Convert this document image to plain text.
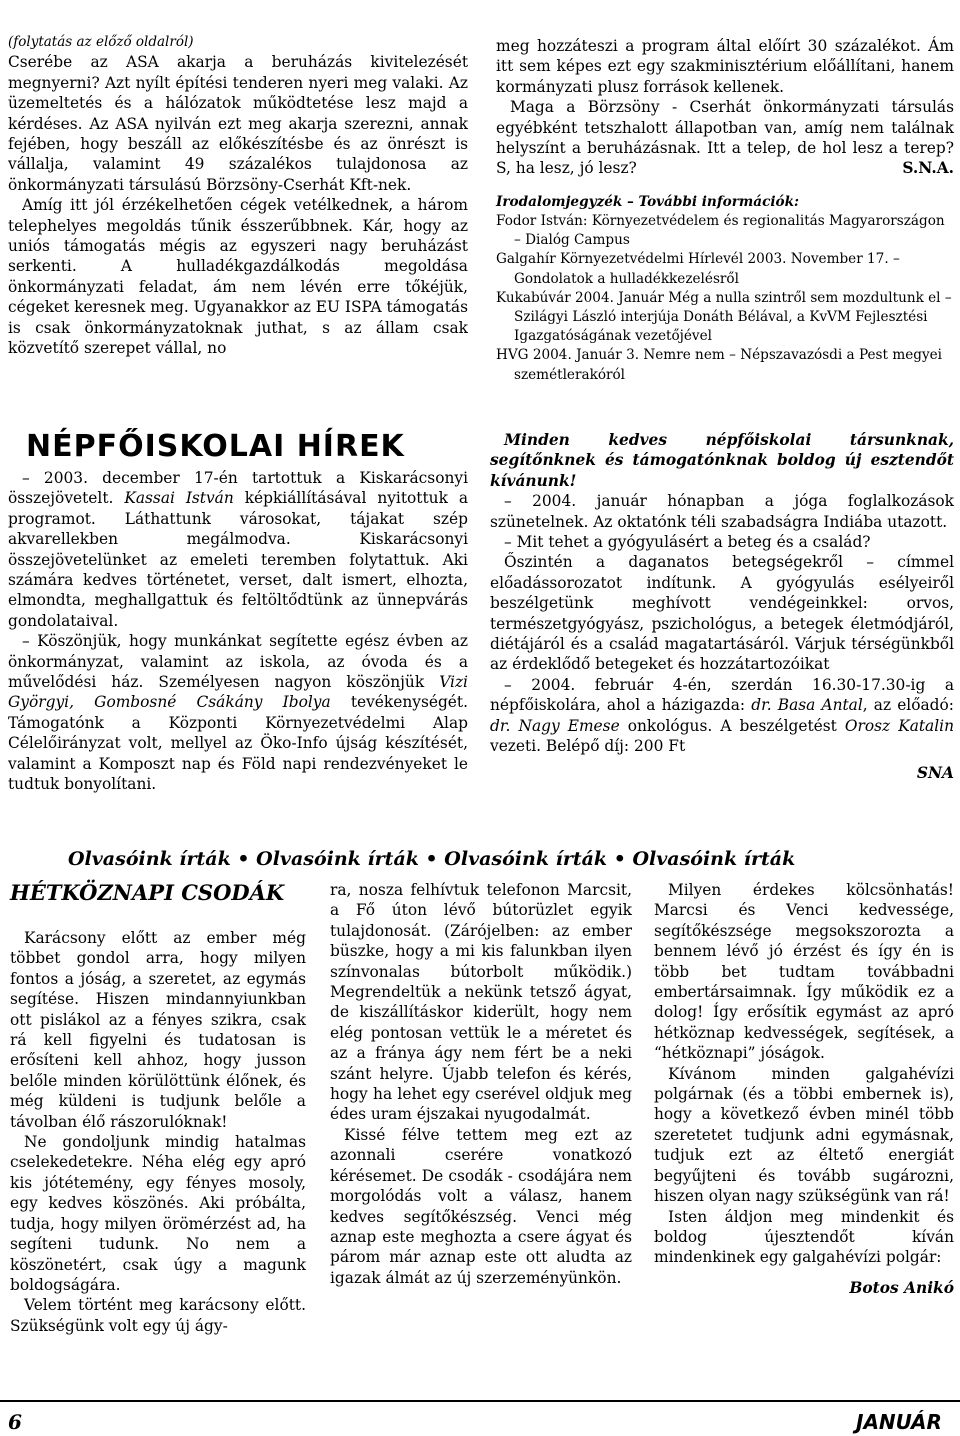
(folytatás az előző oldalról)

Cserébe az ASA akarja a beruházás kivitelezését megnyerni? Azt nyílt építési tenderen nyeri meg valaki. Az üzemeltetés és a hálózatok működtetése lesz majd a kérdéses. Az ASA nyilván ezt meg akarja szerezni, annak fejében, hogy beszáll az előkészítésbe és az önrészt is vállalja, valamint 49 százalékos tulajdonosa az önkormányzati társulású Börzsöny-Cserhát Kft-nek.

Amíg itt jól érzékelhetően cégek vetélkednek, a három telephelyes megoldás tűnik ésszerűbbnek. Kár, hogy az uniós támogatás mégis az egyszeri nagy beruházást serkenti. A hulladékgazdálkodás megoldása önkormányzati feladat, ám nem lévén erre tőkéjük, cégeket keresnek meg. Ugyanakkor az EU ISPA támogatás is csak önkormányzatoknak juthat, s az állam csak közvetítő szerepet vállal, no

meg hozzáteszi a program által előírt 30 százalékot. Ám itt sem képes ezt egy szakminisztérium előállítani, hanem kormányzati plusz források kellenek.

Maga a Börzsöny - Cserhát önkormányzati társulás egyébként tetszhalott állapotban van, amíg nem találnak helyszínt a beruházásnak. Itt a telep, de hol lesz a terep? S, ha lesz, jó lesz?	S.N.A.

Irodalomjegyzék – További információk:

Fodor István: Környezetvédelem és regionalitás Magyarországon – Dialóg Campus

Galgahír Környezetvédelmi Hírlevél 2003. November 17. – Gondolatok a hulladékkezelésről

Kukabúvár 2004. Január Még a nulla szintről sem mozdultunk el – Szilágyi László interjúja Donáth Bélával, a KvVM Fejlesztési Igazgatóságának vezetőjével

HVG 2004. Január 3. Nemre nem – Népszavazósdi a Pest megyei szemétlerakóról

NÉPFŐISKOLAI HÍREK

– 2003. december 17-én tartottuk a Kiskarácsonyi összejövetelt. Kassai István képkiállításával nyitottuk a programot. Láthattunk városokat, tájakat szép akvarellekben megálmodva. Kiskarácsonyi összejövetelünket az emeleti teremben folytattuk. Aki számára kedves történetet, verset, dalt ismert, elhozta, elmondta, meghallgattuk és feltöltődtünk az ünnepvárás gondolataival.

– Köszönjük, hogy munkánkat segítette egész évben az önkormányzat, valamint az iskola, az óvoda és a művelődési ház. Személyesen nagyon köszönjük Vizi Györgyi, Gombosné Csákány Ibolya tevékenységét. Támogatónk a Központi Környezetvédelmi Alap Célelőirányzat volt, mellyel az Öko-Info újság készítését, valamint a Komposzt nap és Föld napi rendezvényeket le tudtuk bonyolítani.

Minden kedves népfőiskolai társunknak, segítőnknek és támogatónknak boldog új esztendőt kívánunk!

– 2004. január hónapban a jóga foglalkozások szünetelnek. Az oktatónk téli szabadságra Indiába utazott.

– Mit tehet a gyógyulásért a beteg és a család?

Őszintén a daganatos betegségekről – címmel előadássorozatot indítunk. A gyógyulás esélyeiről beszélgetünk meghívott vendégeinkkel: orvos, természetgyógyász, pszichológus, a betegek életmódjáról, diétájáról és a család magatartásáról. Várjuk térségünkből az érdeklődő betegeket és hozzátartozóikat

– 2004. február 4-én, szerdán 16.30-17.30-ig a népfőiskolára, ahol a házigazda: dr. Basa Antal, az előadó: dr. Nagy Emese onkológus. A beszélgetést Orosz Katalin vezeti. Belépő díj: 200 Ft

SNA

Olvasóink írták • Olvasóink írták • Olvasóink írták • Olvasóink írták
HÉTKÖZNAPI CSODÁK

Karácsony előtt az ember még többet gondol arra, hogy milyen fontos a jóság, a szeretet, az egymás segítése. Hiszen mindannyiunkban ott pislákol az a fényes szikra, csak rá kell figyelni és tudatosan is erősíteni kell ahhoz, hogy jusson belőle minden körülöttünk élőnek, és még küldeni is tudjunk belőle a távolban élő rászorulóknak!

Ne gondoljunk mindig hatalmas cselekedetekre. Néha elég egy apró kis jótétemény, egy fényes mosoly, egy kedves köszönés. Aki próbálta, tudja, hogy milyen örömérzést ad, ha segíteni tudunk. No nem a köszönetért, csak úgy a magunk boldogságára.

Velem történt meg karácsony előtt. Szükségünk volt egy új ágy-

ra, nosza felhívtuk telefonon Marcsit, a Fő úton lévő bútorüzlet egyik tulajdonosát. (Zárójelben: az ember büszke, hogy a mi kis falunkban ilyen színvonalas bútorbolt működik.) Megrendeltük a nekünk tetsző ágyat, de kiszállításkor kiderült, hogy nem elég pontosan vettük le a méretet és az a fránya ágy nem fért be a neki szánt helyre. Újabb telefon és kérés, hogy ha lehet egy cserével oldjuk meg édes uram éjszakai nyugodalmát.

Kissé félve tettem meg ezt az azonnali cserére vonatkozó kérésemet. De csodák - csodájára nem morgolódás volt a válasz, hanem kedves segítőkészség. Venci még aznap este meghozta a csere ágyat és párom már aznap este ott aludta az igazak álmát az új szerzeményünkön.

Milyen érdekes kölcsönhatás! Marcsi és Venci kedvessége, segítőkészsége megsokszorozta a bennem lévő jó érzést és így én is több bet tudtam továbbadni embertársaimnak. Így működik ez a dolog! Így erősítik egymást az apró hétköznap kedvességek, segítések, a “hétköznapi” jóságok.

Kívánom minden galgahévízi polgárnak (és a többi embernek is), hogy a következő évben minél több szeretetet tudjunk adni egymásnak, tudjuk ezt az éltető energiát begyűjteni és tovább sugározni, hiszen olyan nagy szükségünk van rá!

Isten áldjon meg mindenkit és boldog újesztendőt kíván mindenkinek egy galgahévízi polgár:

Botos Anikó

6	JANUÁR
